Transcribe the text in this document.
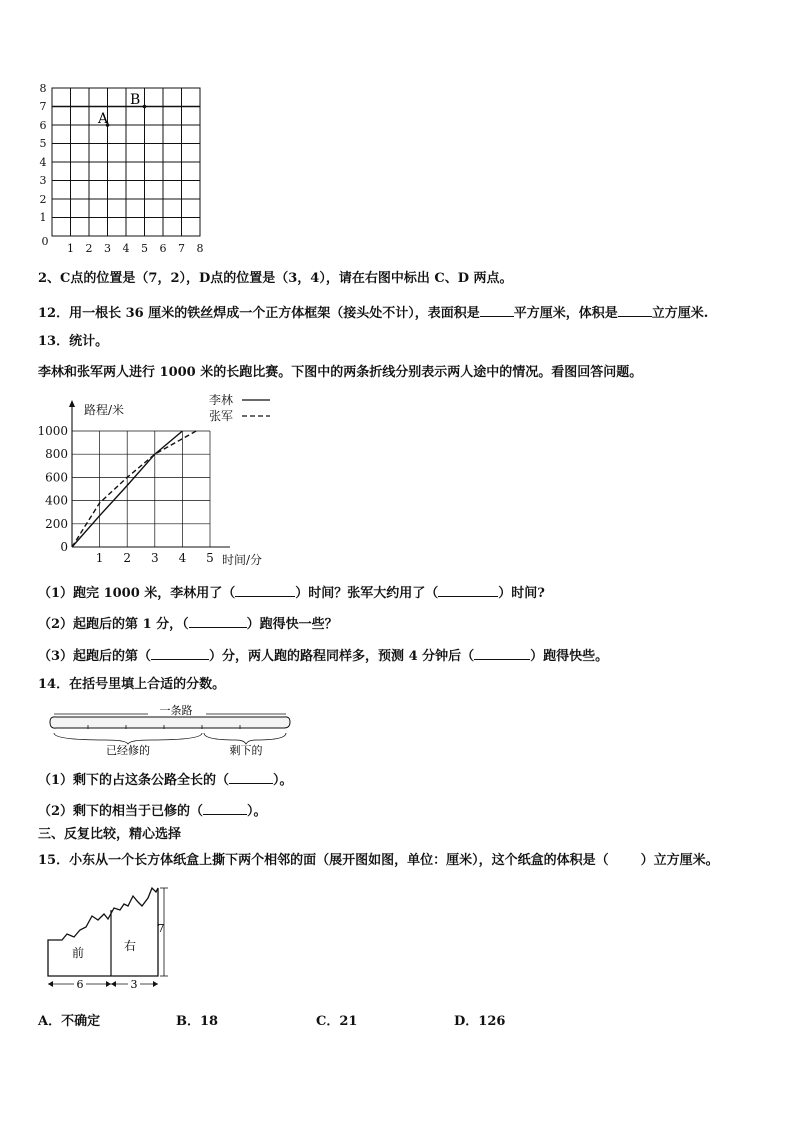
8
7
6
5
4
3
2
1
0
1 2 3 4 5 6 7 8
A
B
2、C点的位置是（7，2），D点的位置是（3，4），请在右图中标出 C、D 两点。
12．用一根长 36 厘米的铁丝焊成一个正方体框架（接头处不计），表面积是	平方厘米，体积是	立方厘米.
13．统计。
李林和张军两人进行 1000 米的长跑比赛。下图中的两条折线分别表示两人途中的情况。看图回答问题。
0
200
400
600
800
1000
1 2 3 4 5
路程/米
时间/分
李林
张军
（1）跑完 1000 米，李林用了（	）时间？张军大约用了（	）时间?
（2）起跑后的第 1 分，（	）跑得快一些？
（3）起跑后的第（	）分，两人跑的路程同样多，预测 4 分钟后（	）跑得快些。
14．在括号里填上合适的分数。
一条路
已经修的	剩下的
（1）剩下的占这条公路全长的（	）。
（2）剩下的相当于已修的（	）。
三、反复比较，精心选择
15．小东从一个长方体纸盒上撕下两个相邻的面（展开图如图，单位：厘米），这个纸盒的体积是（ ）立方厘米。
前	右
7
6	3
A．不确定	B．18	C．21	D．126
